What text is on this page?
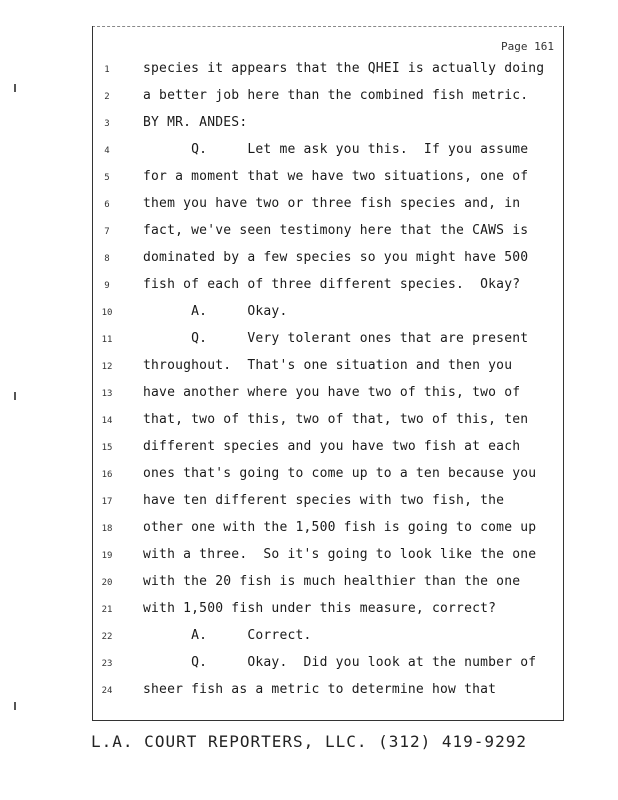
Page 161
1	species it appears that the QHEI is actually doing
2	a better job here than the combined fish metric.
3	BY MR. ANDES:
4	Q.     Let me ask you this.  If you assume
5	for a moment that we have two situations, one of
6	them you have two or three fish species and, in
7	fact, we've seen testimony here that the CAWS is
8	dominated by a few species so you might have 500
9	fish of each of three different species.  Okay?
10	A.     Okay.
11	Q.     Very tolerant ones that are present
12	throughout.  That's one situation and then you
13	have another where you have two of this, two of
14	that, two of this, two of that, two of this, ten
15	different species and you have two fish at each
16	ones that's going to come up to a ten because you
17	have ten different species with two fish, the
18	other one with the 1,500 fish is going to come up
19	with a three.  So it's going to look like the one
20	with the 20 fish is much healthier than the one
21	with 1,500 fish under this measure, correct?
22	A.     Correct.
23	Q.     Okay.  Did you look at the number of
24	sheer fish as a metric to determine how that
L.A. COURT REPORTERS, LLC. (312) 419-9292
